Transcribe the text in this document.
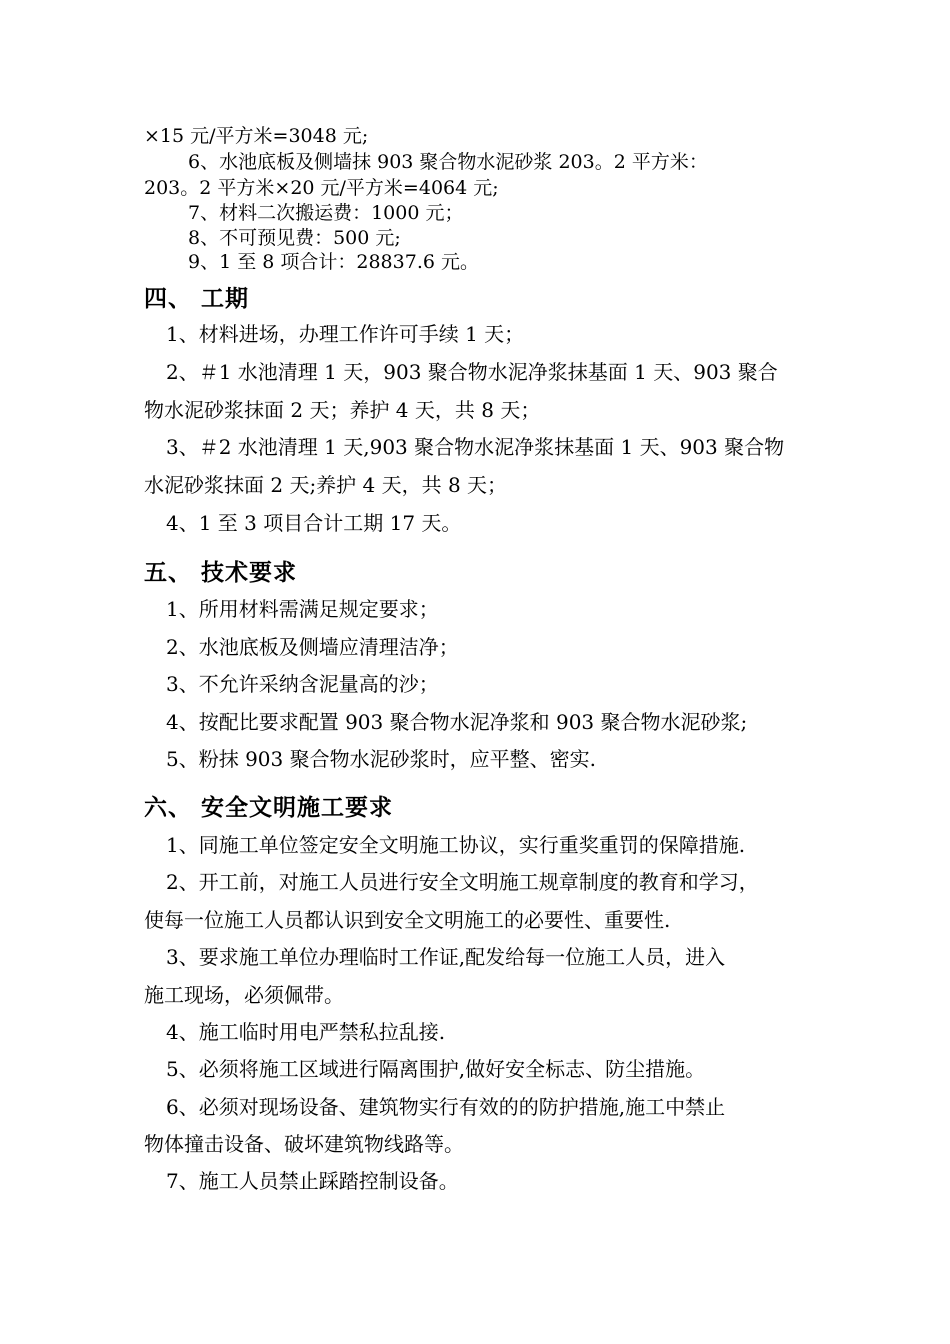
×15 元/平方米=3048 元;
6、水池底板及侧墙抹 903 聚合物水泥砂浆 203。2 平方米：
203。2 平方米×20 元/平方米=4064 元;
7、材料二次搬运费：1000 元；
8、不可预见费：500 元;
9、1 至 8 项合计：28837.6 元。
四、 工期
1、材料进场，办理工作许可手续 1 天；
2、＃1 水池清理 1 天，903 聚合物水泥净浆抹基面 1 天、903 聚合
物水泥砂浆抹面 2 天；养护 4 天，共 8 天；
3、＃2 水池清理 1 天,903 聚合物水泥净浆抹基面 1 天、903 聚合物
水泥砂浆抹面 2 天;养护 4 天，共 8 天；
4、1 至 3 项目合计工期 17 天。
五、 技术要求
1、所用材料需满足规定要求；
2、水池底板及侧墙应清理洁净；
3、不允许采纳含泥量高的沙；
4、按配比要求配置 903 聚合物水泥净浆和 903 聚合物水泥砂浆;
5、粉抹 903 聚合物水泥砂浆时，应平整、密实.
六、 安全文明施工要求
1、同施工单位签定安全文明施工协议，实行重奖重罚的保障措施.
2、开工前，对施工人员进行安全文明施工规章制度的教育和学习，
使每一位施工人员都认识到安全文明施工的必要性、重要性.
3、要求施工单位办理临时工作证,配发给每一位施工人员，进入
施工现场，必须佩带。
4、施工临时用电严禁私拉乱接.
5、必须将施工区域进行隔离围护,做好安全标志、防尘措施。
6、必须对现场设备、建筑物实行有效的的防护措施,施工中禁止
物体撞击设备、破坏建筑物线路等。
7、施工人员禁止踩踏控制设备。
